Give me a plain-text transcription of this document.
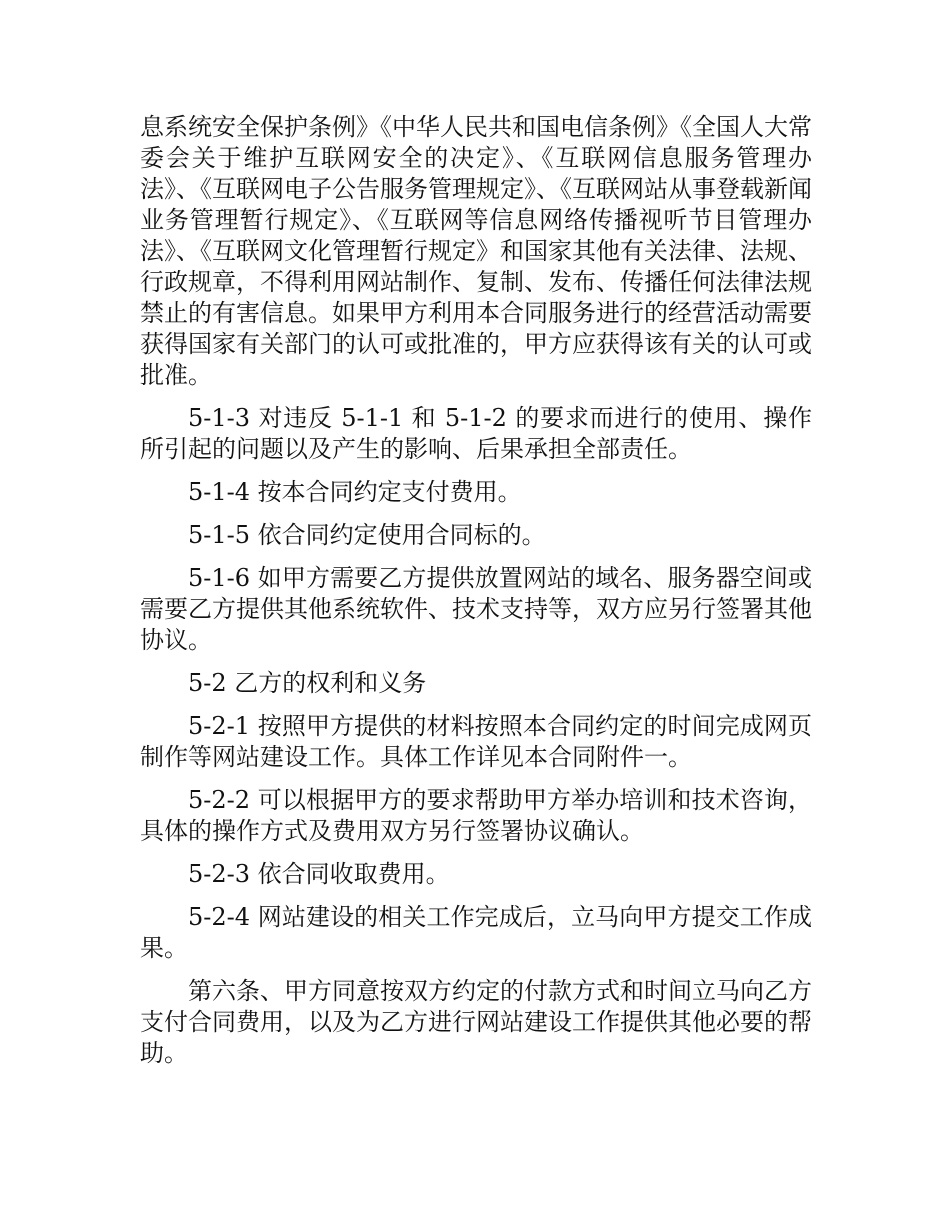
息系统安全保护条例》《中华人民共和国电信条例》《全国人大常委会关于维护互联网安全的决定》、《互联网信息服务管理办法》、《互联网电子公告服务管理规定》、《互联网站从事登载新闻业务管理暂行规定》、《互联网等信息网络传播视听节目管理办法》、《互联网文化管理暂行规定》和国家其他有关法律、法规、行政规章，不得利用网站制作、复制、发布、传播任何法律法规禁止的有害信息。如果甲方利用本合同服务进行的经营活动需要获得国家有关部门的认可或批准的，甲方应获得该有关的认可或批准。

5-1-3 对违反 5-1-1 和 5-1-2 的要求而进行的使用、操作所引起的问题以及产生的影响、后果承担全部责任。

5-1-4 按本合同约定支付费用。

5-1-5 依合同约定使用合同标的。

5-1-6 如甲方需要乙方提供放置网站的域名、服务器空间或需要乙方提供其他系统软件、技术支持等，双方应另行签署其他协议。

5-2 乙方的权利和义务

5-2-1 按照甲方提供的材料按照本合同约定的时间完成网页制作等网站建设工作。具体工作详见本合同附件一。

5-2-2 可以根据甲方的要求帮助甲方举办培训和技术咨询，具体的操作方式及费用双方另行签署协议确认。

5-2-3 依合同收取费用。

5-2-4 网站建设的相关工作完成后，立马向甲方提交工作成果。

第六条、甲方同意按双方约定的付款方式和时间立马向乙方支付合同费用，以及为乙方进行网站建设工作提供其他必要的帮助。
